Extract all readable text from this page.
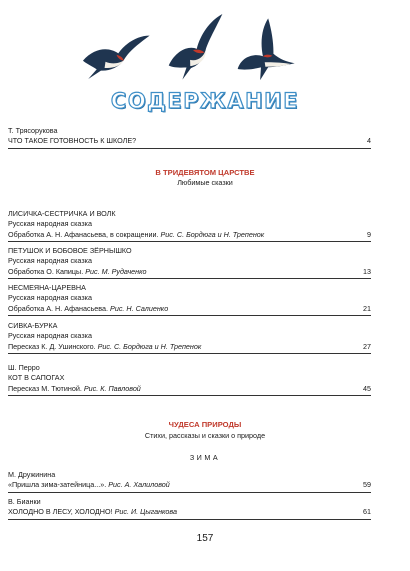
СОДЕРЖАНИЕ
Т. Трясорукова
ЧТО ТАКОЕ ГОТОВНОСТЬ К ШКОЛЕ?	4
В ТРИДЕВЯТОМ ЦАРСТВЕ
Любимые сказки
ЛИСИЧКА-СЕСТРИЧКА И ВОЛК
Русская народная сказка
Обработка А. Н. Афанасьева, в сокращении.
Рис. С. Бордюга и Н. Трепенок	9
ПЕТУШОК И БОБОВОЕ ЗЁРНЫШКО
Русская народная сказка
Обработка О. Капицы.
Рис. М. Рудаченко	13
НЕСМЕЯНА-ЦАРЕВНА
Русская народная сказка
Обработка А. Н. Афанасьева.
Рис. Н. Салиенко	21
СИВКА-БУРКА
Русская народная сказка
Пересказ К. Д. Ушинского.
Рис. С. Бордюга и Н. Трепенок	27
Ш. Перро
КОТ В САПОГАХ
Пересказ М. Тютиной.
Рис. К. Павловой	45
ЧУДЕСА ПРИРОДЫ
Стихи, рассказы и сказки о природе
ЗИМА
М. Дружинина
«Пришла зима-затейница...».
Рис. А. Халиловой	59
В. Бианки
ХОЛОДНО В ЛЕСУ, ХОЛОДНО!
Рис. И. Цыганкова	61
157
